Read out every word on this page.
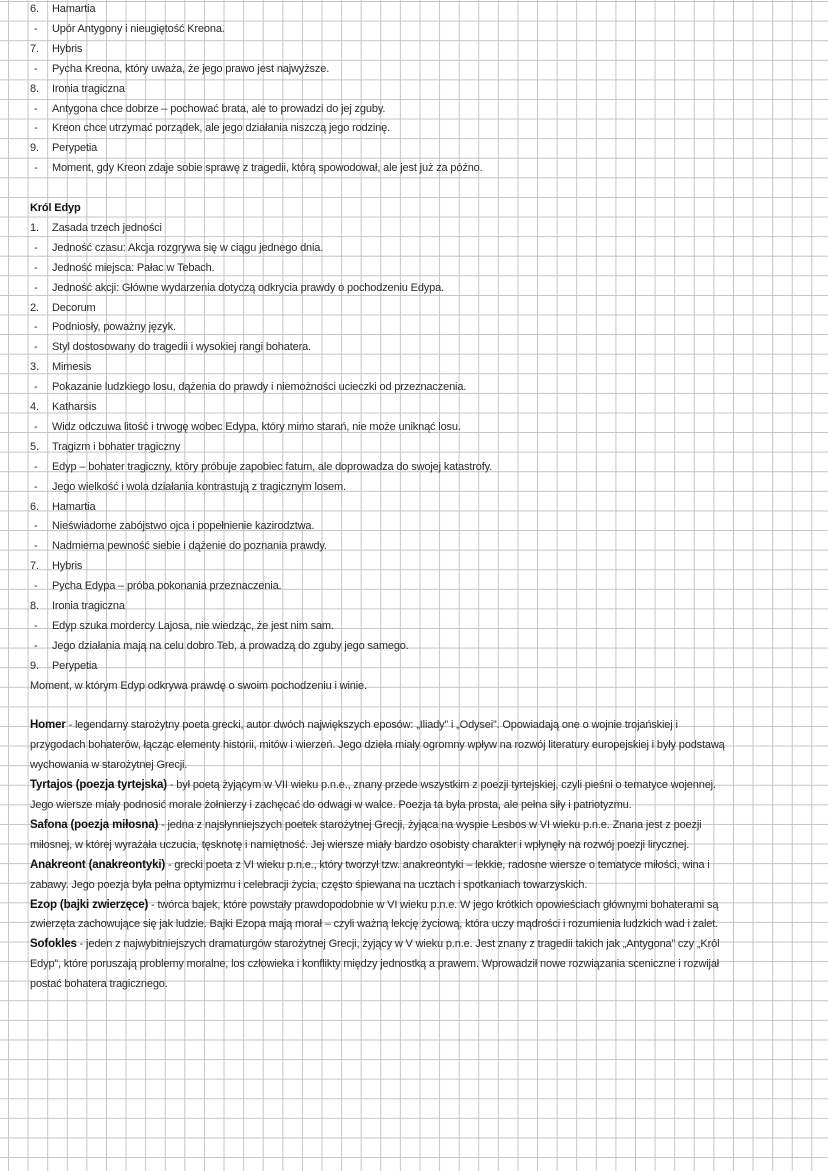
6. Hamartia
- Upór Antygony i nieugiętość Kreona.
7. Hybris
- Pycha Kreona, który uważa, że jego prawo jest najwyższe.
8. Ironia tragiczna
- Antygona chce dobrze – pochować brata, ale to prowadzi do jej zguby.
- Kreon chce utrzymać porządek, ale jego działania niszczą jego rodzinę.
9. Perypetia
- Moment, gdy Kreon zdaje sobie sprawę z tragedii, którą spowodował, ale jest już za późno.
Król Edyp
1. Zasada trzech jedności
- Jedność czasu: Akcja rozgrywa się w ciągu jednego dnia.
- Jedność miejsca: Pałac w Tebach.
- Jedność akcji: Główne wydarzenia dotyczą odkrycia prawdy o pochodzeniu Edypa.
2. Decorum
- Podniosły, poważny język.
- Styl dostosowany do tragedii i wysokiej rangi bohatera.
3. Mimesis
- Pokazanie ludzkiego losu, dążenia do prawdy i niemożności ucieczki od przeznaczenia.
4. Katharsis
- Widz odczuwa litość i trwogę wobec Edypa, który mimo starań, nie może uniknąć losu.
5. Tragizm i bohater tragiczny
- Edyp – bohater tragiczny, który próbuje zapobiec fatum, ale doprowadza do swojej katastrofy.
- Jego wielkość i wola działania kontrastują z tragicznym losem.
6. Hamartia
- Nieświadome zabójstwo ojca i popełnienie kazirodztwa.
- Nadmierna pewność siebie i dążenie do poznania prawdy.
7. Hybris
- Pycha Edypa – próba pokonania przeznaczenia.
8. Ironia tragiczna
- Edyp szuka mordercy Lajosa, nie wiedząc, że jest nim sam.
- Jego działania mają na celu dobro Teb, a prowadzą do zguby jego samego.
9. Perypetia
Moment, w którym Edyp odkrywa prawdę o swoim pochodzeniu i winie.
Homer - legendarny starożytny poeta grecki, autor dwóch największych eposów: „Iliady” i „Odysei”. Opowiadają one o wojnie trojańskiej i
przygodach bohaterów, łącząc elementy historii, mitów i wierzeń. Jego dzieła miały ogromny wpływ na rozwój literatury europejskiej i były podstawą
wychowania w starożytnej Grecji.
Tyrtajos (poezja tyrtejska) - był poetą żyjącym w VII wieku p.n.e., znany przede wszystkim z poezji tyrtejskiej, czyli pieśni o tematyce wojennej.
Jego wiersze miały podnosić morale żołnierzy i zachęcać do odwagi w walce. Poezja ta była prosta, ale pełna siły i patriotyzmu.
Safona (poezja miłosna) - jedna z najsłynniejszych poetek starożytnej Grecji, żyjąca na wyspie Lesbos w VI wieku p.n.e. Znana jest z poezji
miłosnej, w której wyrażała uczucia, tęsknotę i namiętność. Jej wiersze miały bardzo osobisty charakter i wpłynęły na rozwój poezji lirycznej.
Anakreont (anakreontyki) - grecki poeta z VI wieku p.n.e., który tworzył tzw. anakreontyki – lekkie, radosne wiersze o tematyce miłości, wina i
zabawy. Jego poezja była pełna optymizmu i celebracji życia, często śpiewana na ucztach i spotkaniach towarzyskich.
Ezop (bajki zwierzęce) - twórca bajek, które powstały prawdopodobnie w VI wieku p.n.e. W jego krótkich opowieściach głównymi bohaterami są
zwierzęta zachowujące się jak ludzie. Bajki Ezopa mają morał – czyli ważną lekcję życiową, która uczy mądrości i rozumienia ludzkich wad i zalet.
Sofokles - jeden z najwybitniejszych dramaturgów starożytnej Grecji, żyjący w V wieku p.n.e. Jest znany z tragedii takich jak „Antygona” czy „Król
Edyp”, które poruszają problemy moralne, los człowieka i konflikty między jednostką a prawem. Wprowadził nowe rozwiązania sceniczne i rozwijał
postać bohatera tragicznego.
